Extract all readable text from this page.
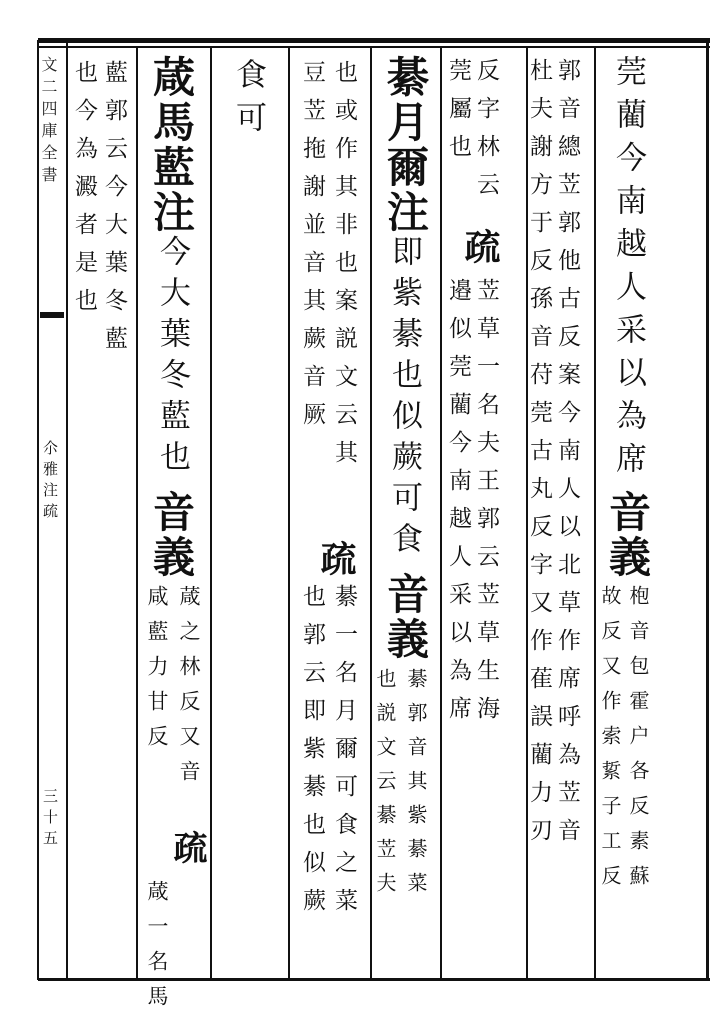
文二四庫全書
尒雅注疏
三十五
莞藺今南越人采以為席
音義
枹音包霍户各反素蘇
故反又作索䋢子工反
郭音總苙郭他古反案今南人以北草作席呼為苙音
杜夫謝方于反孫音苻莞古丸反字又作萑誤藺力刃
反字林云
疏
苙草一名夫王郭云苙草生海
莞屬也
邉似莞藺今南越人采以為席
綦月爾注
即紫綦也似蕨可食
音義
綦郭音其紫綦菜
也説文云綦苙夫
也或作其非也案説文云其
疏
綦一名月爾可食之菜
豆苙拖謝並音其蕨音厥
也郭云即紫綦也似蕨
食可
葴馬藍注
今大葉冬藍也
音義
葴之林反又音
咸藍力甘反
疏
葴一名馬
藍郭云今大葉冬藍
也今為澱者是也
